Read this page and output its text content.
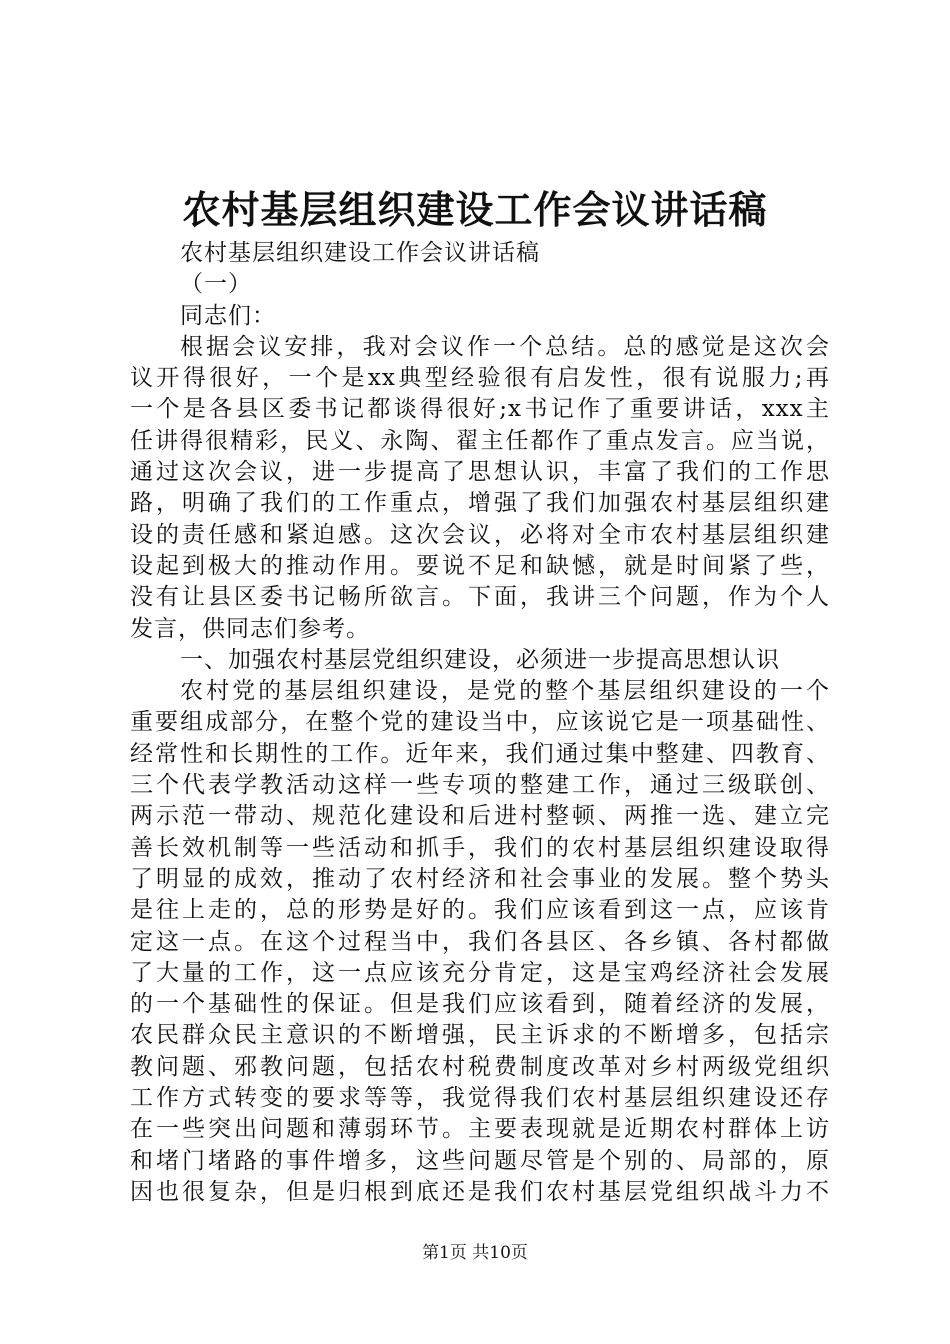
农村基层组织建设工作会议讲话稿
农村基层组织建设工作会议讲话稿
（一）
同志们：
根据会议安排，我对会议作一个总结。总的感觉是这次会
议开得很好，一个是xx典型经验很有启发性，很有说服力;再
一个是各县区委书记都谈得很好;x书记作了重要讲话，xxx主
任讲得很精彩，民义、永陶、翟主任都作了重点发言。应当说，
通过这次会议，进一步提高了思想认识，丰富了我们的工作思
路，明确了我们的工作重点，增强了我们加强农村基层组织建
设的责任感和紧迫感。这次会议，必将对全市农村基层组织建
设起到极大的推动作用。要说不足和缺憾，就是时间紧了些，
没有让县区委书记畅所欲言。下面，我讲三个问题，作为个人
发言，供同志们参考。
一、加强农村基层党组织建设，必须进一步提高思想认识
农村党的基层组织建设，是党的整个基层组织建设的一个
重要组成部分，在整个党的建设当中，应该说它是一项基础性、
经常性和长期性的工作。近年来，我们通过集中整建、四教育、
三个代表学教活动这样一些专项的整建工作，通过三级联创、
两示范一带动、规范化建设和后进村整顿、两推一选、建立完
善长效机制等一些活动和抓手，我们的农村基层组织建设取得
了明显的成效，推动了农村经济和社会事业的发展。整个势头
是往上走的，总的形势是好的。我们应该看到这一点，应该肯
定这一点。在这个过程当中，我们各县区、各乡镇、各村都做
了大量的工作，这一点应该充分肯定，这是宝鸡经济社会发展
的一个基础性的保证。但是我们应该看到，随着经济的发展，
农民群众民主意识的不断增强，民主诉求的不断增多，包括宗
教问题、邪教问题，包括农村税费制度改革对乡村两级党组织
工作方式转变的要求等等，我觉得我们农村基层组织建设还存
在一些突出问题和薄弱环节。主要表现就是近期农村群体上访
和堵门堵路的事件增多，这些问题尽管是个别的、局部的，原
因也很复杂，但是归根到底还是我们农村基层党组织战斗力不
第1页 共10页
